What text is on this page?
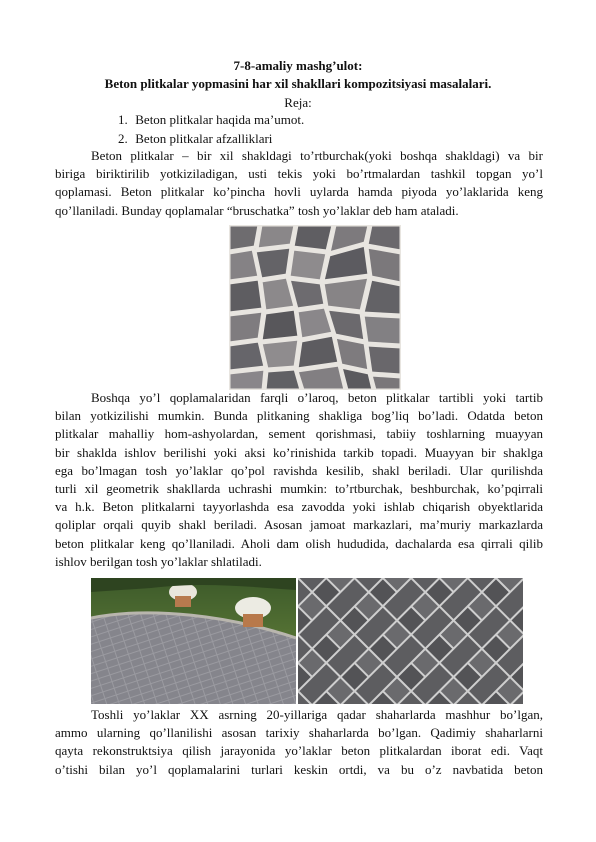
7-8-amaliy mashg’ulot:
Beton plitkalar yopmasini har xil shakllari kompozitsiyasi masalalari.
Reja:
1. Beton plitkalar haqida ma’umot.
2. Beton plitkalar afzalliklari
Beton plitkalar – bir xil shakldagi to’rtburchak(yoki boshqa shakldagi) va bir
biriga biriktirilib yotkiziladigan, usti tekis yoki bo’rtmalardan tashkil topgan yo’l
qoplamasi. Beton plitkalar ko’pincha hovli uylarda hamda piyoda yo’laklarida keng
qo’llaniladi. Bunday qoplamalar “bruschatka” tosh yo’laklar deb ham ataladi.
Boshqa yo’l qoplamalaridan farqli o’laroq, beton plitkalar tartibli yoki tartib
bilan yotkizilishi mumkin. Bunda plitkaning shakliga bog’liq bo’ladi. Odatda beton
plitkalar mahalliy hom-ashyolardan, sement qorishmasi, tabiiy toshlarning muayyan
bir shaklda ishlov berilishi yoki aksi ko’rinishida tarkib topadi. Muayyan bir shaklga
ega bo’lmagan tosh yo’laklar qo’pol ravishda kesilib, shakl beriladi. Ular qurilishda
turli xil geometrik shakllarda uchrashi mumkin: to’rtburchak, beshburchak, ko’pqirrali
va h.k. Beton plitkalarni tayyorlashda esa zavodda yoki ishlab chiqarish obyektlarida
qoliplar orqali quyib shakl beriladi. Asosan jamoat markazlari, ma’muriy markazlarda
beton plitkalar keng qo’llaniladi. Aholi dam olish hududida, dachalarda esa qirrali qilib
ishlov berilgan tosh yo’laklar shlatiladi.
Toshli yo’laklar XX asrning 20-yillariga qadar shaharlarda mashhur bo’lgan,
ammo ularning qo’llanilishi asosan tarixiy shaharlarda bo’lgan. Qadimiy shaharlarni
qayta rekonstruktsiya qilish jarayonida yo’laklar beton plitkalardan iborat edi. Vaqt
o’tishi bilan yo’l qoplamalarini turlari keskin ortdi, va bu o’z navbatida beton
